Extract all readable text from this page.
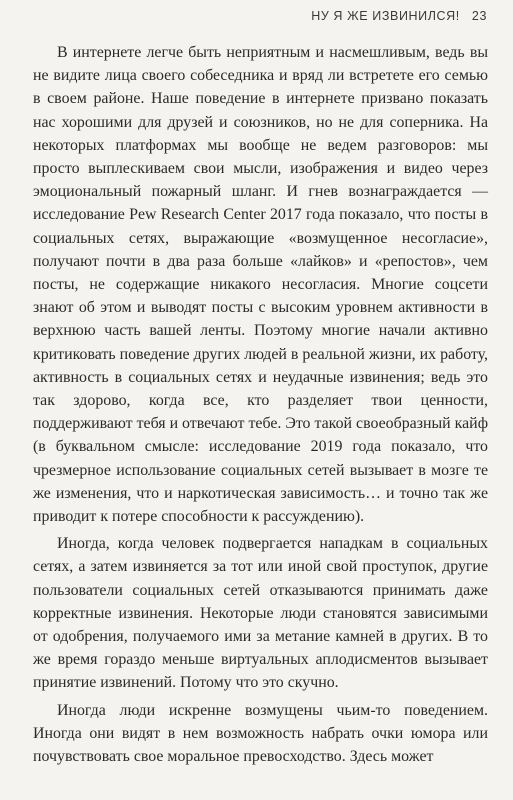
НУ Я ЖЕ ИЗВИНИЛСЯ! 23

В интернете легче быть неприятным и насмешливым, ведь вы не видите лица своего собеседника и вряд ли встретете его семью в своем районе. Наше поведение в интернете призвано показать нас хорошими для друзей и союзников, но не для соперника. На некоторых платформах мы вообще не ведем разговоров: мы просто выплескиваем свои мысли, изображения и видео через эмоциональный пожарный шланг. И гнев вознаграждается — исследование Pew Research Center 2017 года показало, что посты в социальных сетях, выражающие «возмущенное несогласие», получают почти в два раза больше «лайков» и «репостов», чем посты, не содержащие никакого несогласия. Многие соцсети знают об этом и выводят посты с высоким уровнем активности в верхнюю часть вашей ленты. Поэтому многие начали активно критиковать поведение других людей в реальной жизни, их работу, активность в социальных сетях и неудачные извинения; ведь это так здорово, когда все, кто разделяет твои ценности, поддерживают тебя и отвечают тебе. Это такой своеобразный кайф (в буквальном смысле: исследование 2019 года показало, что чрезмерное использование социальных сетей вызывает в мозге те же изменения, что и наркотическая зависимость… и точно так же приводит к потере способности к рассуждению).

Иногда, когда человек подвергается нападкам в социальных сетях, а затем извиняется за тот или иной свой проступок, другие пользователи социальных сетей отказываются принимать даже корректные извинения. Некоторые люди становятся зависимыми от одобрения, получаемого ими за метание камней в других. В то же время гораздо меньше виртуальных аплодисментов вызывает принятие извинений. Потому что это скучно.

Иногда люди искренне возмущены чьим-то поведением. Иногда они видят в нем возможность набрать очки юмора или почувствовать свое моральное превосходство. Здесь может
